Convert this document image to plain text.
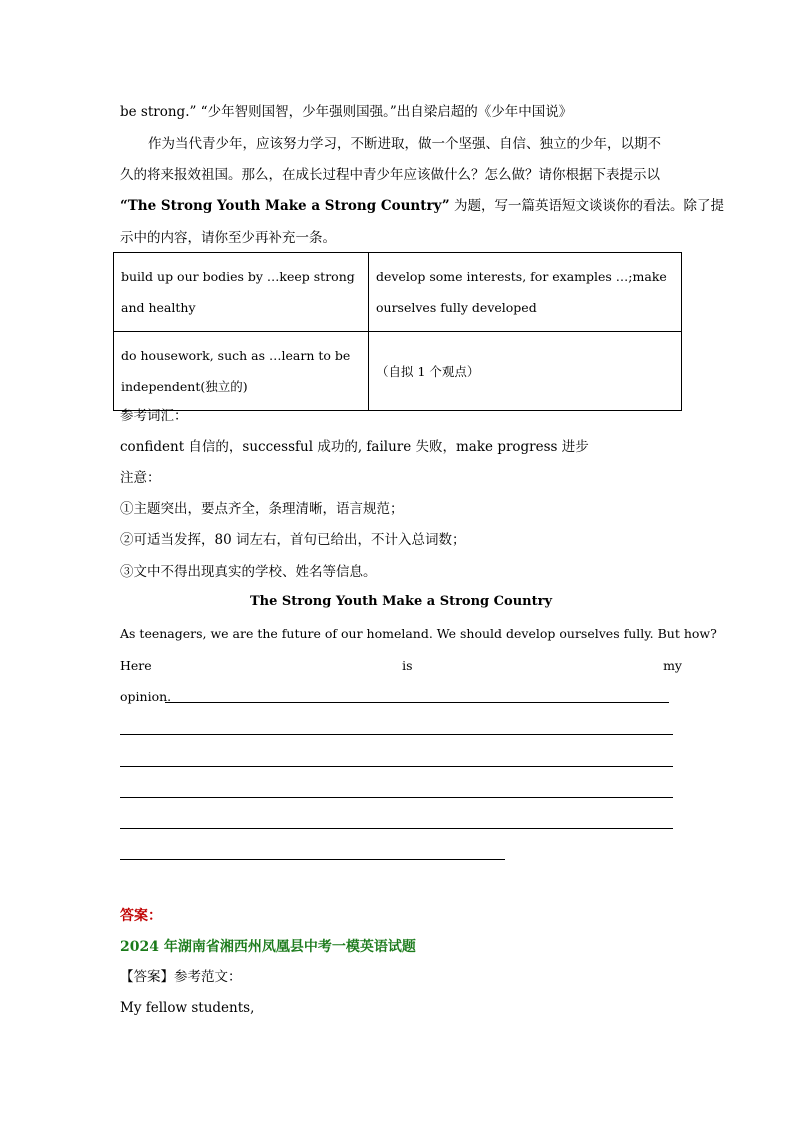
be strong.” “少年智则国智，少年强则国强。”出自梁启超的《少年中国说》
作为当代青少年，应该努力学习，不断进取，做一个坚强、自信、独立的少年，以期不
久的将来报效祖国。那么，在成长过程中青少年应该做什么？怎么做？请你根据下表提示以
“The Strong Youth Make a Strong Country” 为题，写一篇英语短文谈谈你的看法。除了提
示中的内容，请你至少再补充一条。
build up our bodies by …keep strong and healthy	develop some interests, for examples …;make ourselves fully developed
do housework, such as …learn to be independent(独立的)	（自拟 1 个观点）
参考词汇：
confident 自信的，successful 成功的, failure 失败，make progress 进步
注意：
①主题突出，要点齐全，条理清晰，语言规范；
②可适当发挥，80 词左右，首句已给出，不计入总词数；
③文中不得出现真实的学校、姓名等信息。
The Strong Youth Make a Strong Country
As teenagers, we are the future of our homeland. We should develop ourselves fully. But how?
Here	is	my
opinion.
答案：
2024 年湖南省湘西州凤凰县中考一模英语试题
【答案】参考范文：
My fellow students,
